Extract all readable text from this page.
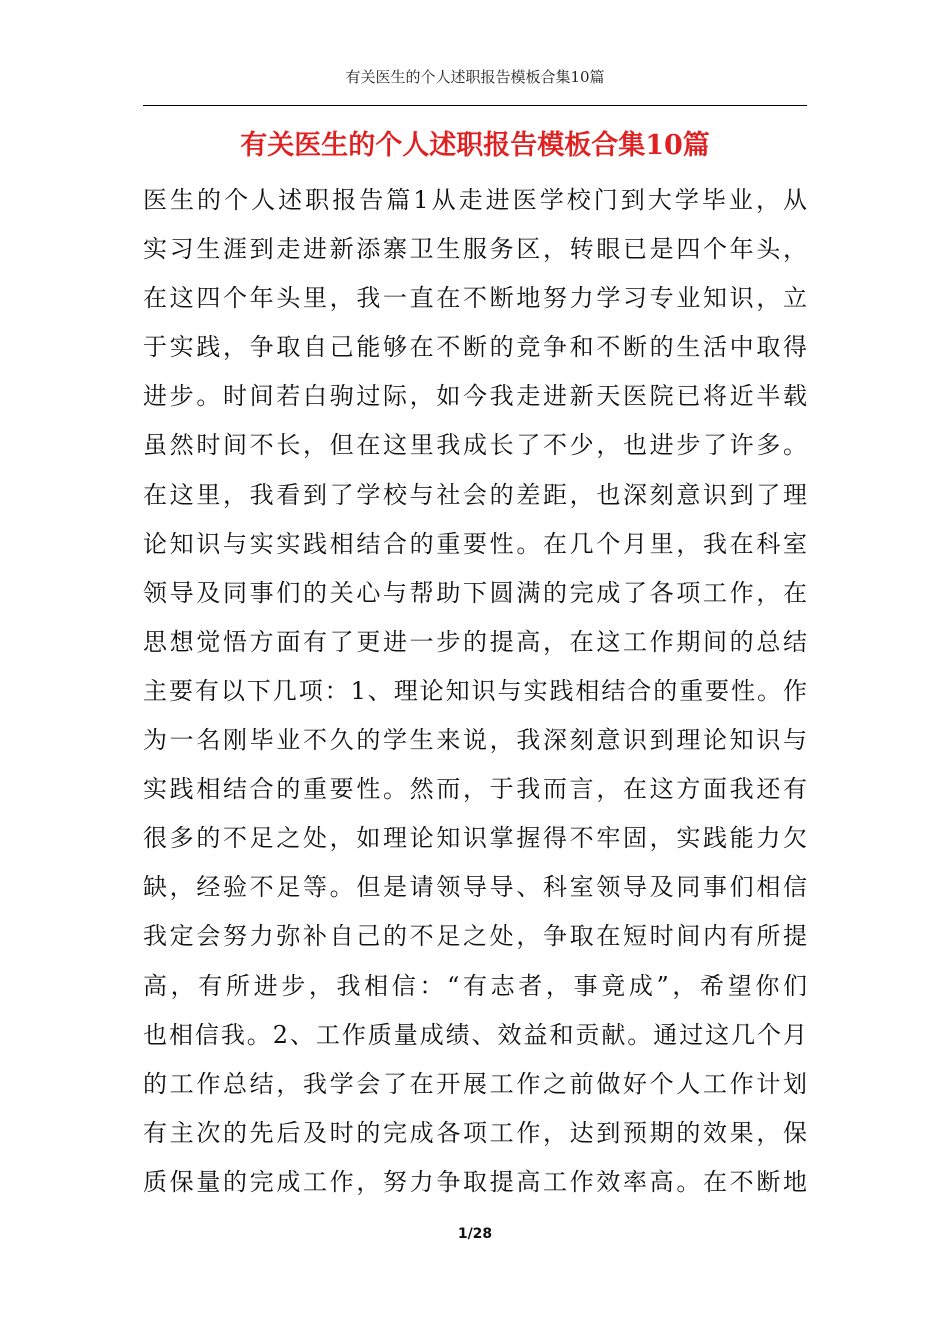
有关医生的个人述职报告模板合集10篇
有关医生的个人述职报告模板合集10篇
医生的个人述职报告篇1从走进医学校门到大学毕业，从
实习生涯到走进新添寨卫生服务区，转眼已是四个年头，
在这四个年头里，我一直在不断地努力学习专业知识，立
于实践，争取自己能够在不断的竞争和不断的生活中取得
进步。时间若白驹过际，如今我走进新天医院已将近半载
虽然时间不长，但在这里我成长了不少，也进步了许多。
在这里，我看到了学校与社会的差距，也深刻意识到了理
论知识与实实践相结合的重要性。在几个月里，我在科室
领导及同事们的关心与帮助下圆满的完成了各项工作，在
思想觉悟方面有了更进一步的提高，在这工作期间的总结
主要有以下几项：1、理论知识与实践相结合的重要性。作
为一名刚毕业不久的学生来说，我深刻意识到理论知识与
实践相结合的重要性。然而，于我而言，在这方面我还有
很多的不足之处，如理论知识掌握得不牢固，实践能力欠
缺，经验不足等。但是请领导导、科室领导及同事们相信
我定会努力弥补自己的不足之处，争取在短时间内有所提
高，有所进步，我相信：“有志者，事竟成”，希望你们
也相信我。2、工作质量成绩、效益和贡献。通过这几个月
的工作总结，我学会了在开展工作之前做好个人工作计划
有主次的先后及时的完成各项工作，达到预期的效果，保
质保量的完成工作，努力争取提高工作效率高。在不断地
1/28
